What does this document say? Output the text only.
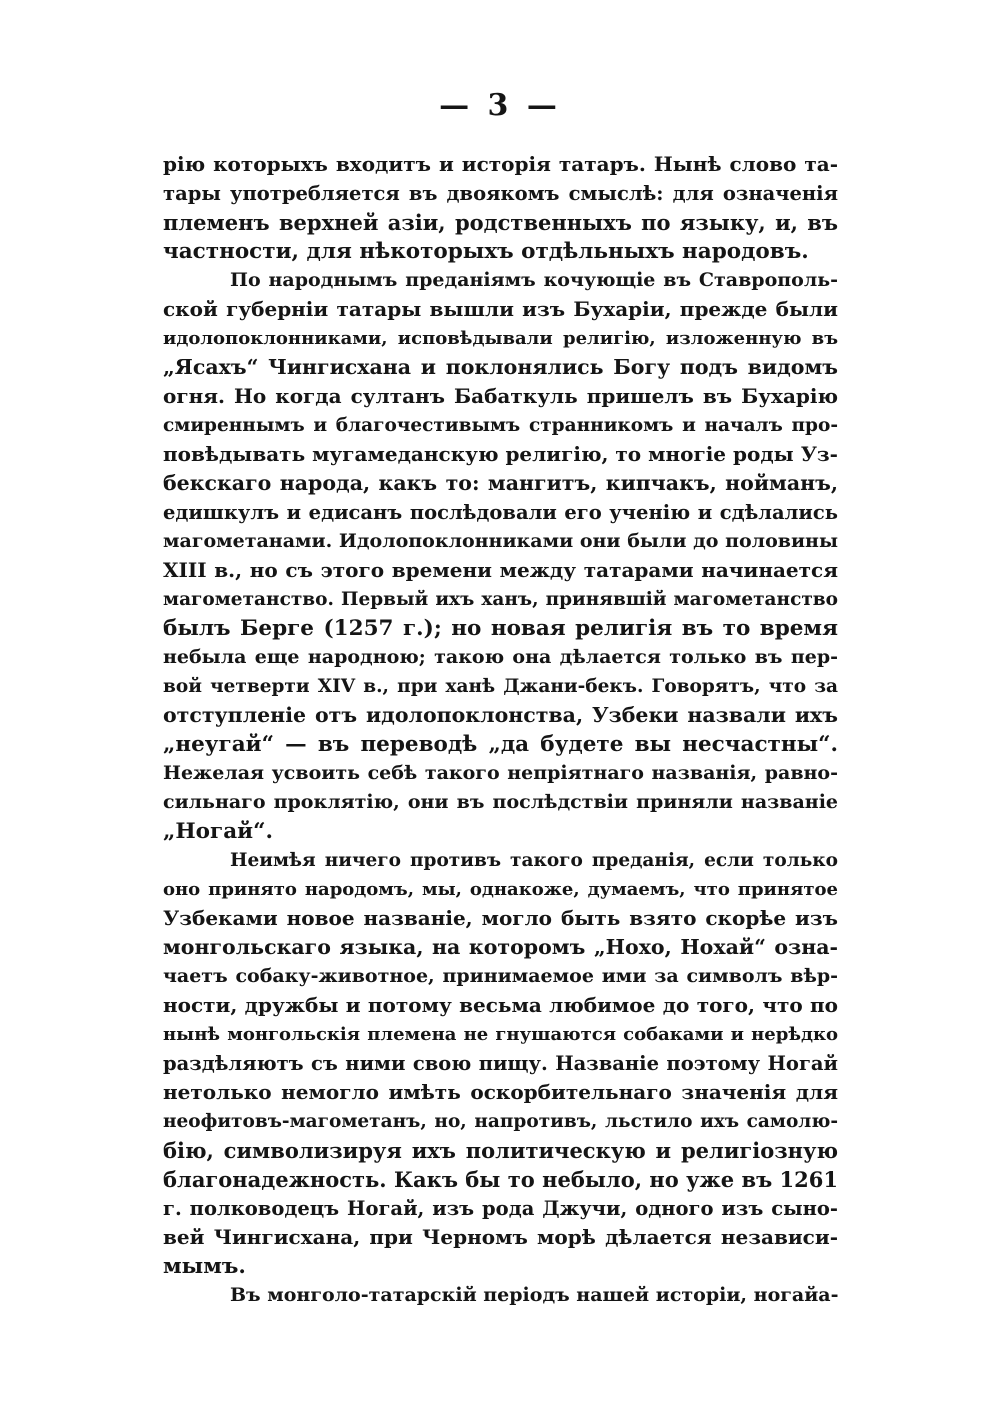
— 3 —
рію которыхъ входитъ и исторія татаръ. Нынѣ слово та-
тары употребляется въ двоякомъ смыслѣ: для означенія
племенъ верхней азіи, родственныхъ по языку, и, въ
частности, для нѣкоторыхъ отдѣльныхъ народовъ.
По народнымъ преданіямъ кочующіе въ Ставрополь-
ской губерніи татары вышли изъ Бухаріи, прежде были
идолопоклонниками, исповѣдывали религію, изложенную въ
„Ясахъ“ Чингисхана и поклонялись Богу подъ видомъ
огня. Но когда султанъ Бабаткуль пришелъ въ Бухарію
смиреннымъ и благочестивымъ странникомъ и началъ про-
повѣдывать мугамеданскую религію, то многіе роды Уз-
бекскаго народа, какъ то: мангитъ, кипчакъ, нойманъ,
едишкулъ и едисанъ послѣдовали его ученію и сдѣлались
магометанами. Идолопоклонниками они были до половины
XIII в., но съ этого времени между татарами начинается
магометанство. Первый ихъ ханъ, принявшій магометанство
былъ Берге (1257 г.); но новая религія въ то время
небыла еще народною; такою она дѣлается только въ пер-
вой четверти XIV в., при ханѣ Джани-бекъ. Говорятъ, что за
отступленіе отъ идолопоклонства, Узбеки назвали ихъ
„неугай“ — въ переводѣ „да будете вы несчастны“.
Нежелая усвоить себѣ такого непріятнаго названія, равно-
сильнаго проклятію, они въ послѣдствіи приняли названіе
„Ногай“.
Неимѣя ничего противъ такого преданія, если только
оно принято народомъ, мы, однакоже, думаемъ, что принятое
Узбеками новое названіе, могло быть взято скорѣе изъ
монгольскаго языка, на которомъ „Нохо, Нохай“ озна-
чаетъ собаку-животное, принимаемое ими за символъ вѣр-
ности, дружбы и потому весьма любимое до того, что по
нынѣ монгольскія племена не гнушаются собаками и нерѣдко
раздѣляютъ съ ними свою пищу. Названіе поэтому Ногай
нетолько немогло имѣть оскорбительнаго значенія для
неофитовъ-магометанъ, но, напротивъ, льстило ихъ самолю-
бію, символизируя ихъ политическую и религіозную
благонадежность. Какъ бы то небыло, но уже въ 1261
г. полководецъ Ногай, изъ рода Джучи, одного изъ сыно-
вей Чингисхана, при Черномъ морѣ дѣлается независи-
мымъ.
Въ монголо-татарскій періодъ нашей исторіи, ногайа-
